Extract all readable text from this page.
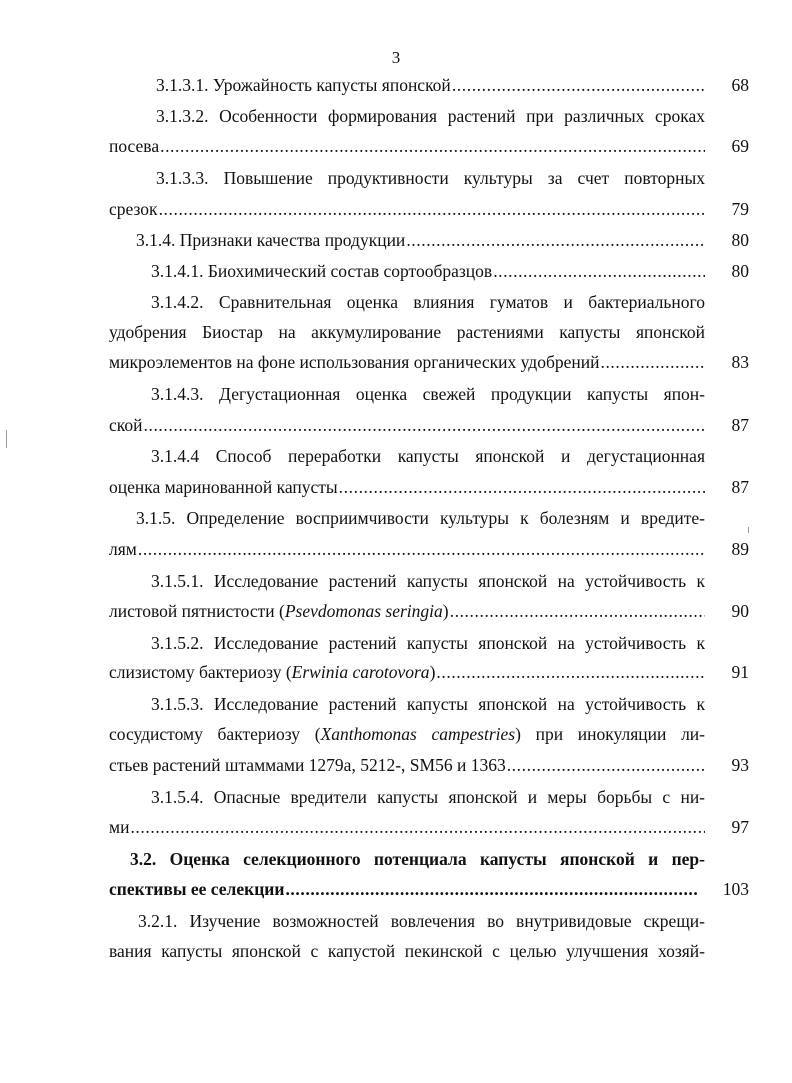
3
3.1.3.1. Урожайность капусты японской .....	68
3.1.3.2. Особенности формирования растений при различных сроках
посева .....	69
3.1.3.3. Повышение продуктивности культуры за счет повторных
срезок .....	79
3.1.4. Признаки качества продукции .....	80
3.1.4.1. Биохимический состав сортообразцов .....	80
3.1.4.2. Сравнительная оценка влияния гуматов и бактериального
удобрения Биостар на аккумулирование растениями капусты японской
микроэлементов на фоне использования органических удобрений .....	83
3.1.4.3. Дегустационная оценка свежей продукции капусты япон-
ской .....	87
3.1.4.4 Способ переработки капусты японской и дегустационная
оценка маринованной капусты .....	87
3.1.5. Определение восприимчивости культуры к болезням и вредите-
лям .....	89
3.1.5.1. Исследование растений капусты японской на устойчивость к
листовой пятнистости (Psevdomonas seringia) .....	90
3.1.5.2. Исследование растений капусты японской на устойчивость к
слизистому бактериозу (Erwinia carotovora) .....	91
3.1.5.3. Исследование растений капусты японской на устойчивость к
сосудистому бактериозу (Xanthomonas campestries) при инокуляции ли-
стьев растений штаммами 1279а, 5212-, SM56 и 1363 .....	93
3.1.5.4. Опасные вредители капусты японской и меры борьбы с ни-
ми .....	97
3.2. Оценка селекционного потенциала капусты японской и пер-
спективы ее селекции .....	103
3.2.1. Изучение возможностей вовлечения во внутривидовые скрещи-
вания капусты японской с капустой пекинской с целью улучшения хозяй-
